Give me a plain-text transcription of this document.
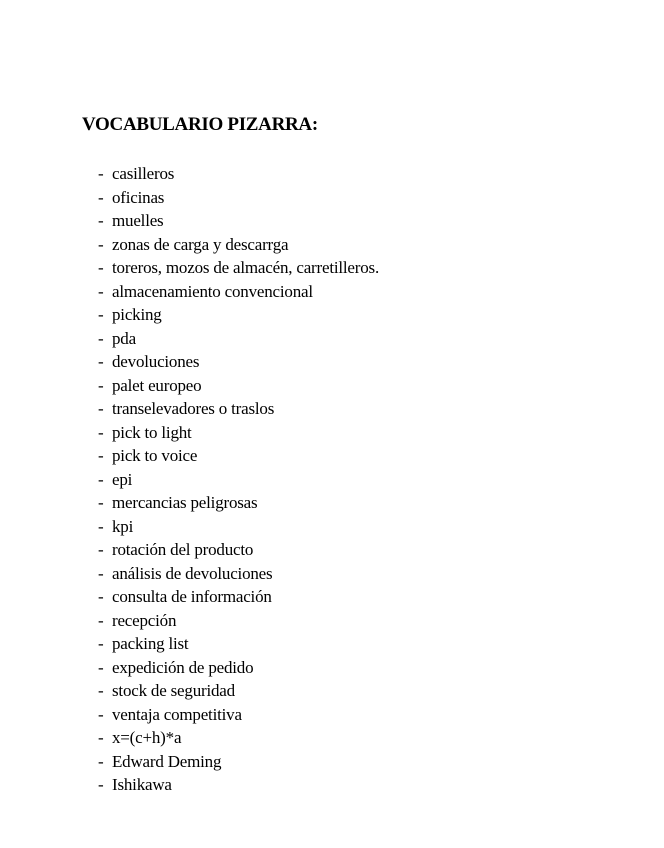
VOCABULARIO PIZARRA:
- casilleros
- oficinas
- muelles
- zonas de carga y descarrga
- toreros, mozos de almacén, carretilleros.
- almacenamiento convencional
- picking
- pda
- devoluciones
- palet europeo
- transelevadores o traslos
- pick to light
- pick to voice
- epi
- mercancias peligrosas
- kpi
- rotación del producto
- análisis de devoluciones
- consulta de información
- recepción
- packing list
- expedición de pedido
- stock de seguridad
- ventaja competitiva
- x=(c+h)*a
- Edward Deming
- Ishikawa
